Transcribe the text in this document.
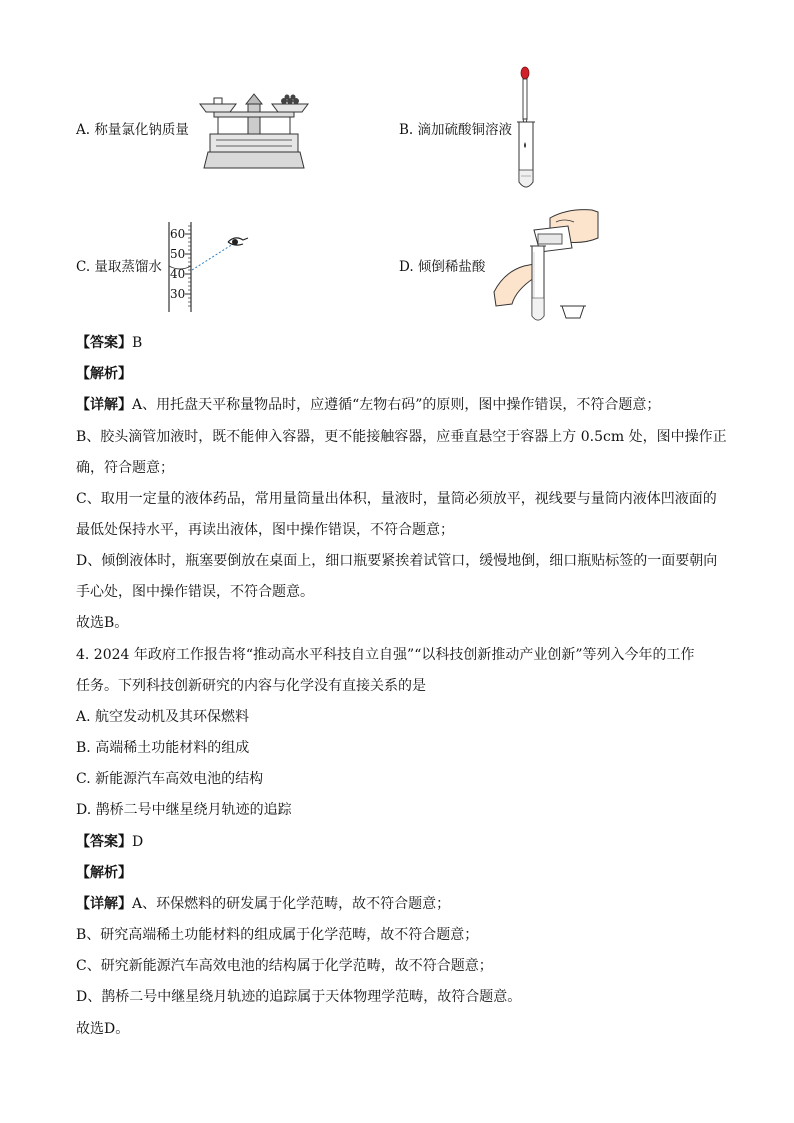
A. 称量氯化钠质量	B. 滴加硫酸铜溶液
C. 量取蒸馏水
60
50
40
30
D. 倾倒稀盐酸
【答案】B
【解析】
【详解】A、用托盘天平称量物品时，应遵循“左物右码”的原则，图中操作错误，不符合题意；
B、胶头滴管加液时，既不能伸入容器，更不能接触容器，应垂直悬空于容器上方 0.5cm 处，图中操作正
确，符合题意；
C、取用一定量的液体药品，常用量筒量出体积，量液时，量筒必须放平，视线要与量筒内液体凹液面的
最低处保持水平，再读出液体，图中操作错误，不符合题意；
D、倾倒液体时，瓶塞要倒放在桌面上，细口瓶要紧挨着试管口，缓慢地倒，细口瓶贴标签的一面要朝向
手心处，图中操作错误，不符合题意。
故选B。
4. 2024 年政府工作报告将“推动高水平科技自立自强”“以科技创新推动产业创新”等列入今年的工作
任务。下列科技创新研究的内容与化学没有直接关系的是
A. 航空发动机及其环保燃料
B. 高端稀土功能材料的组成
C. 新能源汽车高效电池的结构
D. 鹊桥二号中继星绕月轨迹的追踪
【答案】D
【解析】
【详解】A、环保燃料的研发属于化学范畴，故不符合题意；
B、研究高端稀土功能材料的组成属于化学范畴，故不符合题意；
C、研究新能源汽车高效电池的结构属于化学范畴，故不符合题意；
D、鹊桥二号中继星绕月轨迹的追踪属于天体物理学范畴，故符合题意。
故选D。
